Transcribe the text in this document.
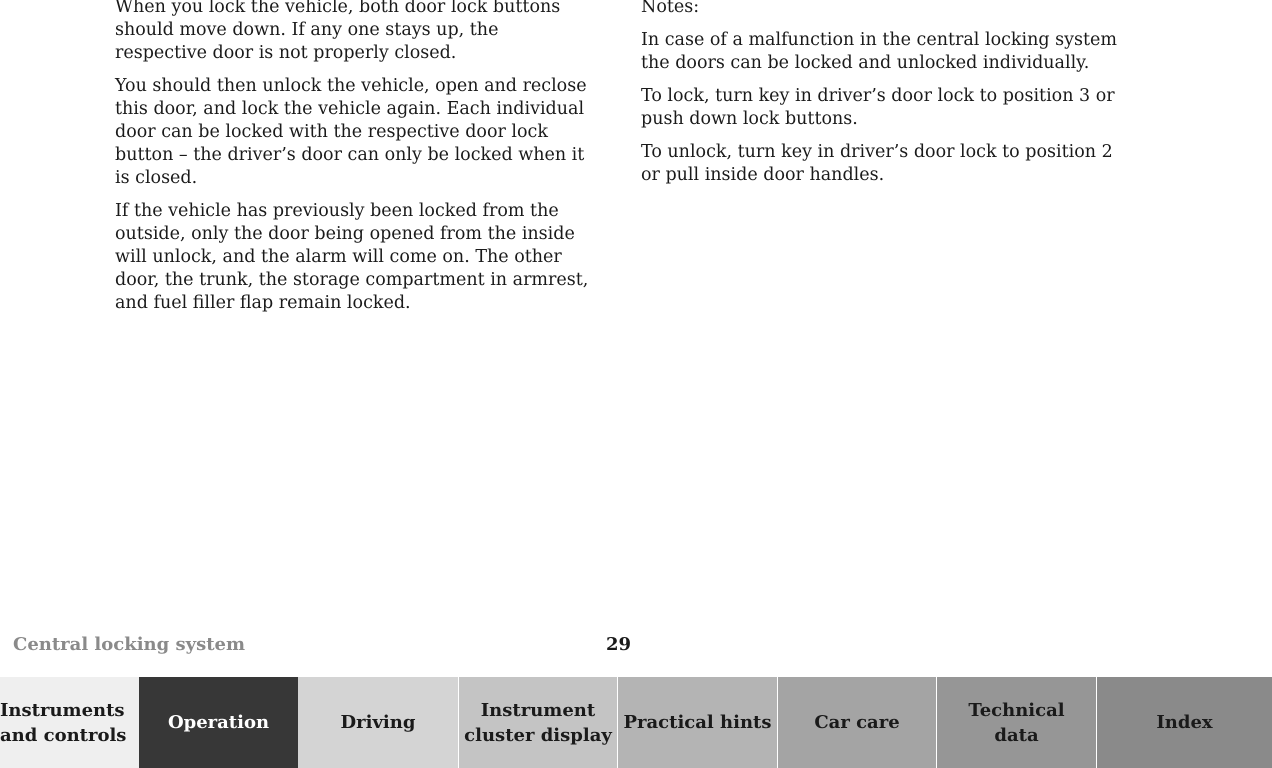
When you lock the vehicle, both door lock buttons should move down. If any one stays up, the respective door is not properly closed.

You should then unlock the vehicle, open and reclose this door, and lock the vehicle again. Each individual door can be locked with the respective door lock button – the driver’s door can only be locked when it is closed.

If the vehicle has previously been locked from the outside, only the door being opened from the inside will unlock, and the alarm will come on. The other door, the trunk, the storage compartment in armrest, and fuel filler flap remain locked.

Notes:

In case of a malfunction in the central locking system the doors can be locked and unlocked individually.

To lock, turn key in driver’s door lock to position 3 or push down lock buttons.

To unlock, turn key in driver’s door lock to position 2 or pull inside door handles.

Central locking system	29
Instruments
and controls
Operation	Driving
Instrument
cluster display
Practical hints Car care
Technical
data
Index
